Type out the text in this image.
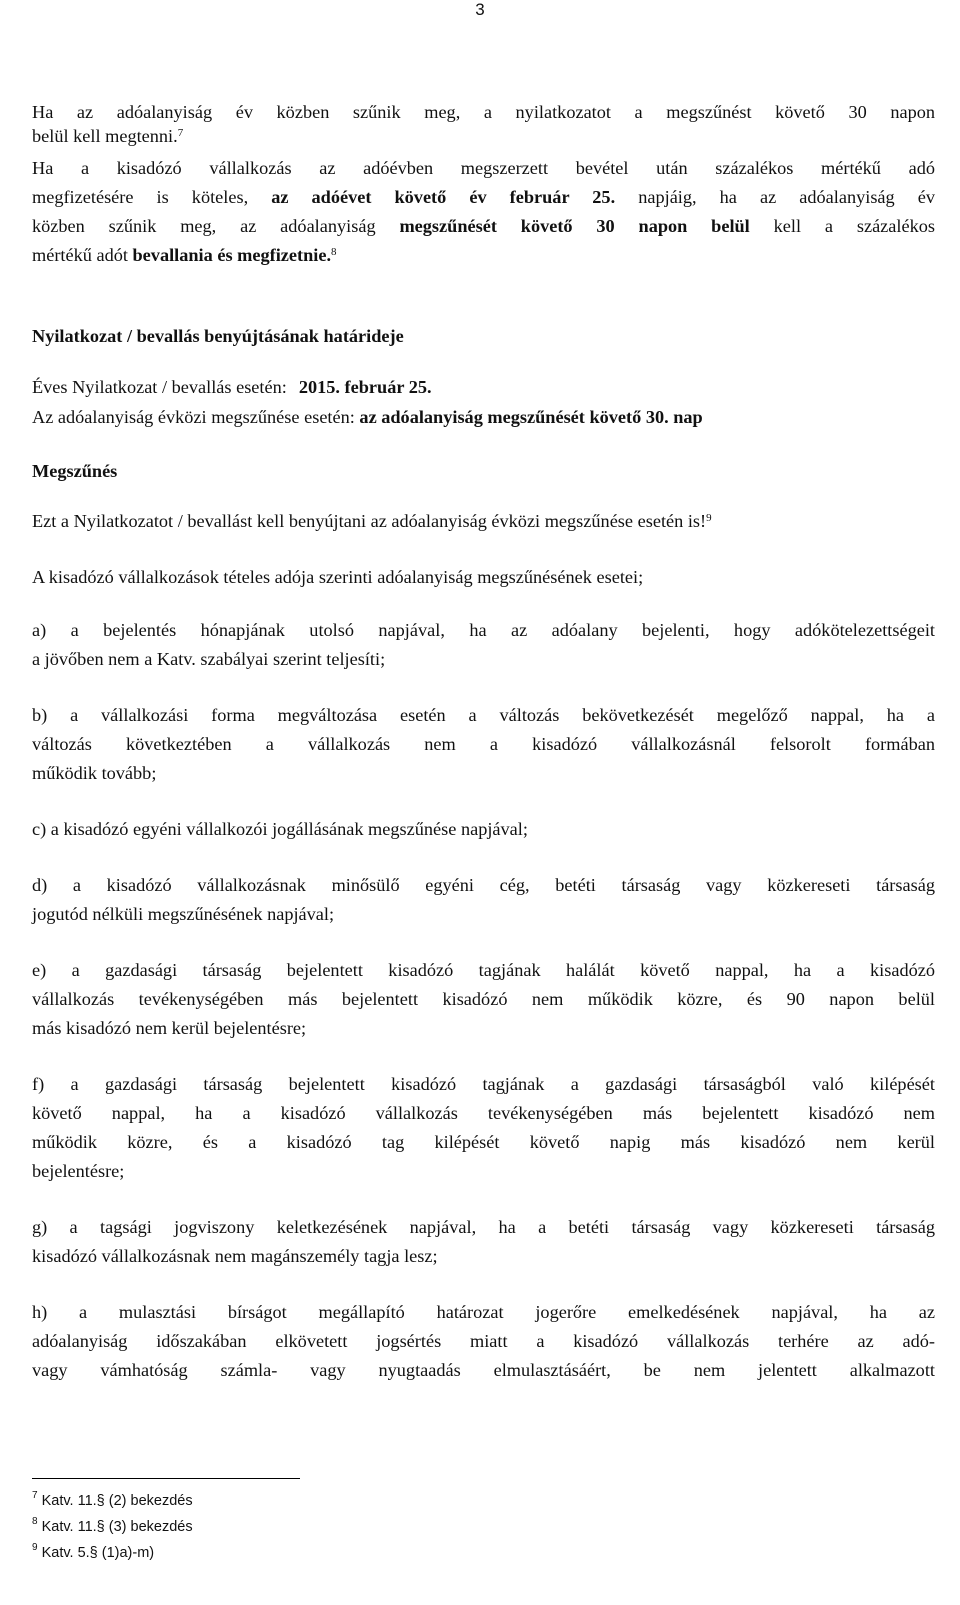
3

Ha az adóalanyiság év közben szűnik meg, a nyilatkozatot a megszűnést követő 30 napon

belül kell megtenni.$^7$

Ha a kisadózó vállalkozás az adóévben megszerzett bevétel után százalékos mértékű adó

megfizetésére is köteles, az adóévet követő év február 25. napjáig, ha az adóalanyiság év

közben szűnik meg, az adóalanyiság megszűnését követő 30 napon belül kell a százalékos

mértékű adót bevallania és megfizetnie.$^8$

Nyilatkozat / bevallás benyújtásának határideje

Éves Nyilatkozat / bevallás esetén: 2015. február 25.

Az adóalanyiság évközi megszűnése esetén: az adóalanyiság megszűnését követő 30. nap

Megszűnés

Ezt a Nyilatkozatot / bevallást kell benyújtani az adóalanyiság évközi megszűnése esetén is!$^9$

A kisadózó vállalkozások tételes adója szerinti adóalanyiság megszűnésének esetei;

a) a bejelentés hónapjának utolsó napjával, ha az adóalany bejelenti, hogy adókötelezettségeit

a jövőben nem a Katv. szabályai szerint teljesíti;

b) a vállalkozási forma megváltozása esetén a változás bekövetkezését megelőző nappal, ha a

változás következtében a vállalkozás nem a kisadózó vállalkozásnál felsorolt formában

működik tovább;

c) a kisadózó egyéni vállalkozói jogállásának megszűnése napjával;

d) a kisadózó vállalkozásnak minősülő egyéni cég, betéti társaság vagy közkereseti társaság

jogutód nélküli megszűnésének napjával;

e) a gazdasági társaság bejelentett kisadózó tagjának halálát követő nappal, ha a kisadózó

vállalkozás tevékenységében más bejelentett kisadózó nem működik közre, és 90 napon belül

más kisadózó nem kerül bejelentésre;

f) a gazdasági társaság bejelentett kisadózó tagjának a gazdasági társaságból való kilépését

követő nappal, ha a kisadózó vállalkozás tevékenységében más bejelentett kisadózó nem

működik közre, és a kisadózó tag kilépését követő napig más kisadózó nem kerül

bejelentésre;

g) a tagsági jogviszony keletkezésének napjával, ha a betéti társaság vagy közkereseti társaság

kisadózó vállalkozásnak nem magánszemély tagja lesz;

h) a mulasztási bírságot megállapító határozat jogerőre emelkedésének napjával, ha az

adóalanyiság időszakában elkövetett jogsértés miatt a kisadózó vállalkozás terhére az adó-

vagy vámhatóság számla- vagy nyugtaadás elmulasztásáért, be nem jelentett alkalmazott

$^7$ Katv. 11.§ (2) bekezdés
$^8$ Katv. 11.§ (3) bekezdés
$^9$ Katv. 5.§ (1)a)-m)
